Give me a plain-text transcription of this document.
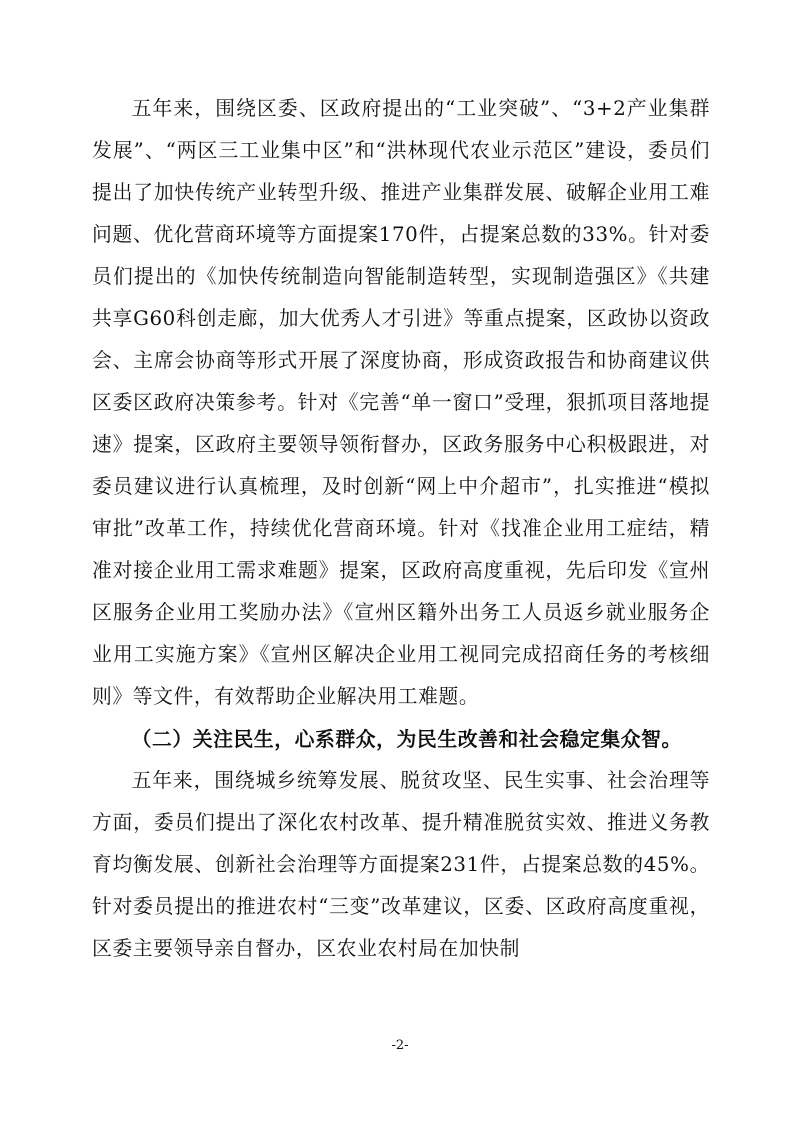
五年来，围绕区委、区政府提出的“工业突破”、“3+2产业集群发展”、“两区三工业集中区”和“洪林现代农业示范区”建设，委员们提出了加快传统产业转型升级、推进产业集群发展、破解企业用工难问题、优化营商环境等方面提案170件，占提案总数的33%。针对委员们提出的《加快传统制造向智能制造转型，实现制造强区》《共建共享G60科创走廊，加大优秀人才引进》等重点提案，区政协以资政会、主席会协商等形式开展了深度协商，形成资政报告和协商建议供区委区政府决策参考。针对《完善“单一窗口”受理，狠抓项目落地提速》提案，区政府主要领导领衔督办，区政务服务中心积极跟进，对委员建议进行认真梳理，及时创新“网上中介超市”，扎实推进“模拟审批”改革工作，持续优化营商环境。针对《找准企业用工症结，精准对接企业用工需求难题》提案，区政府高度重视，先后印发《宣州区服务企业用工奖励办法》《宣州区籍外出务工人员返乡就业服务企业用工实施方案》《宣州区解决企业用工视同完成招商任务的考核细则》等文件，有效帮助企业解决用工难题。

（二）关注民生，心系群众，为民生改善和社会稳定集众智。

五年来，围绕城乡统筹发展、脱贫攻坚、民生实事、社会治理等方面，委员们提出了深化农村改革、提升精准脱贫实效、推进义务教育均衡发展、创新社会治理等方面提案231件，占提案总数的45%。针对委员提出的推进农村“三变”改革建议，区委、区政府高度重视，区委主要领导亲自督办，区农业农村局在加快制

-2-
